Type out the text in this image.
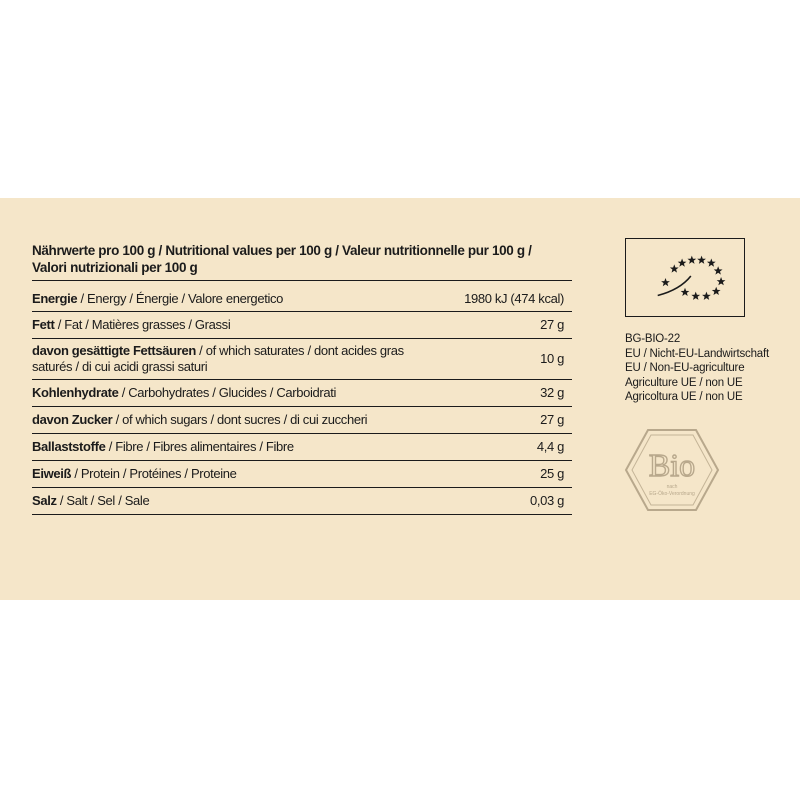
Nährwerte pro 100 g / Nutritional values per 100 g / Valeur nutritionnelle pur 100 g /
Valori nutrizionali per 100 g
Energie / Energy / Énergie / Valore energetico	1980 kJ (474 kcal)
Fett / Fat / Matières grasses / Grassi	27 g
davon gesättigte Fettsäuren / of which saturates / dont acides gras
saturés / di cui acidi grassi saturi
10 g
Kohlenhydrate / Carbohydrates / Glucides / Carboidrati	32 g
davon Zucker / of which sugars / dont sucres / di cui zuccheri	27 g
Ballaststoffe / Fibre / Fibres alimentaires / Fibre	4,4 g
Eiweiß / Protein / Protéines / Proteine	25 g
Salz / Salt / Sel / Sale	0,03 g
BG-BIO-22
EU / Nicht-EU-Landwirtschaft
EU / Non-EU-agriculture
Agriculture UE / non UE
Agricoltura UE / non UE
Bio
nach
EG-Öko-Verordnung
